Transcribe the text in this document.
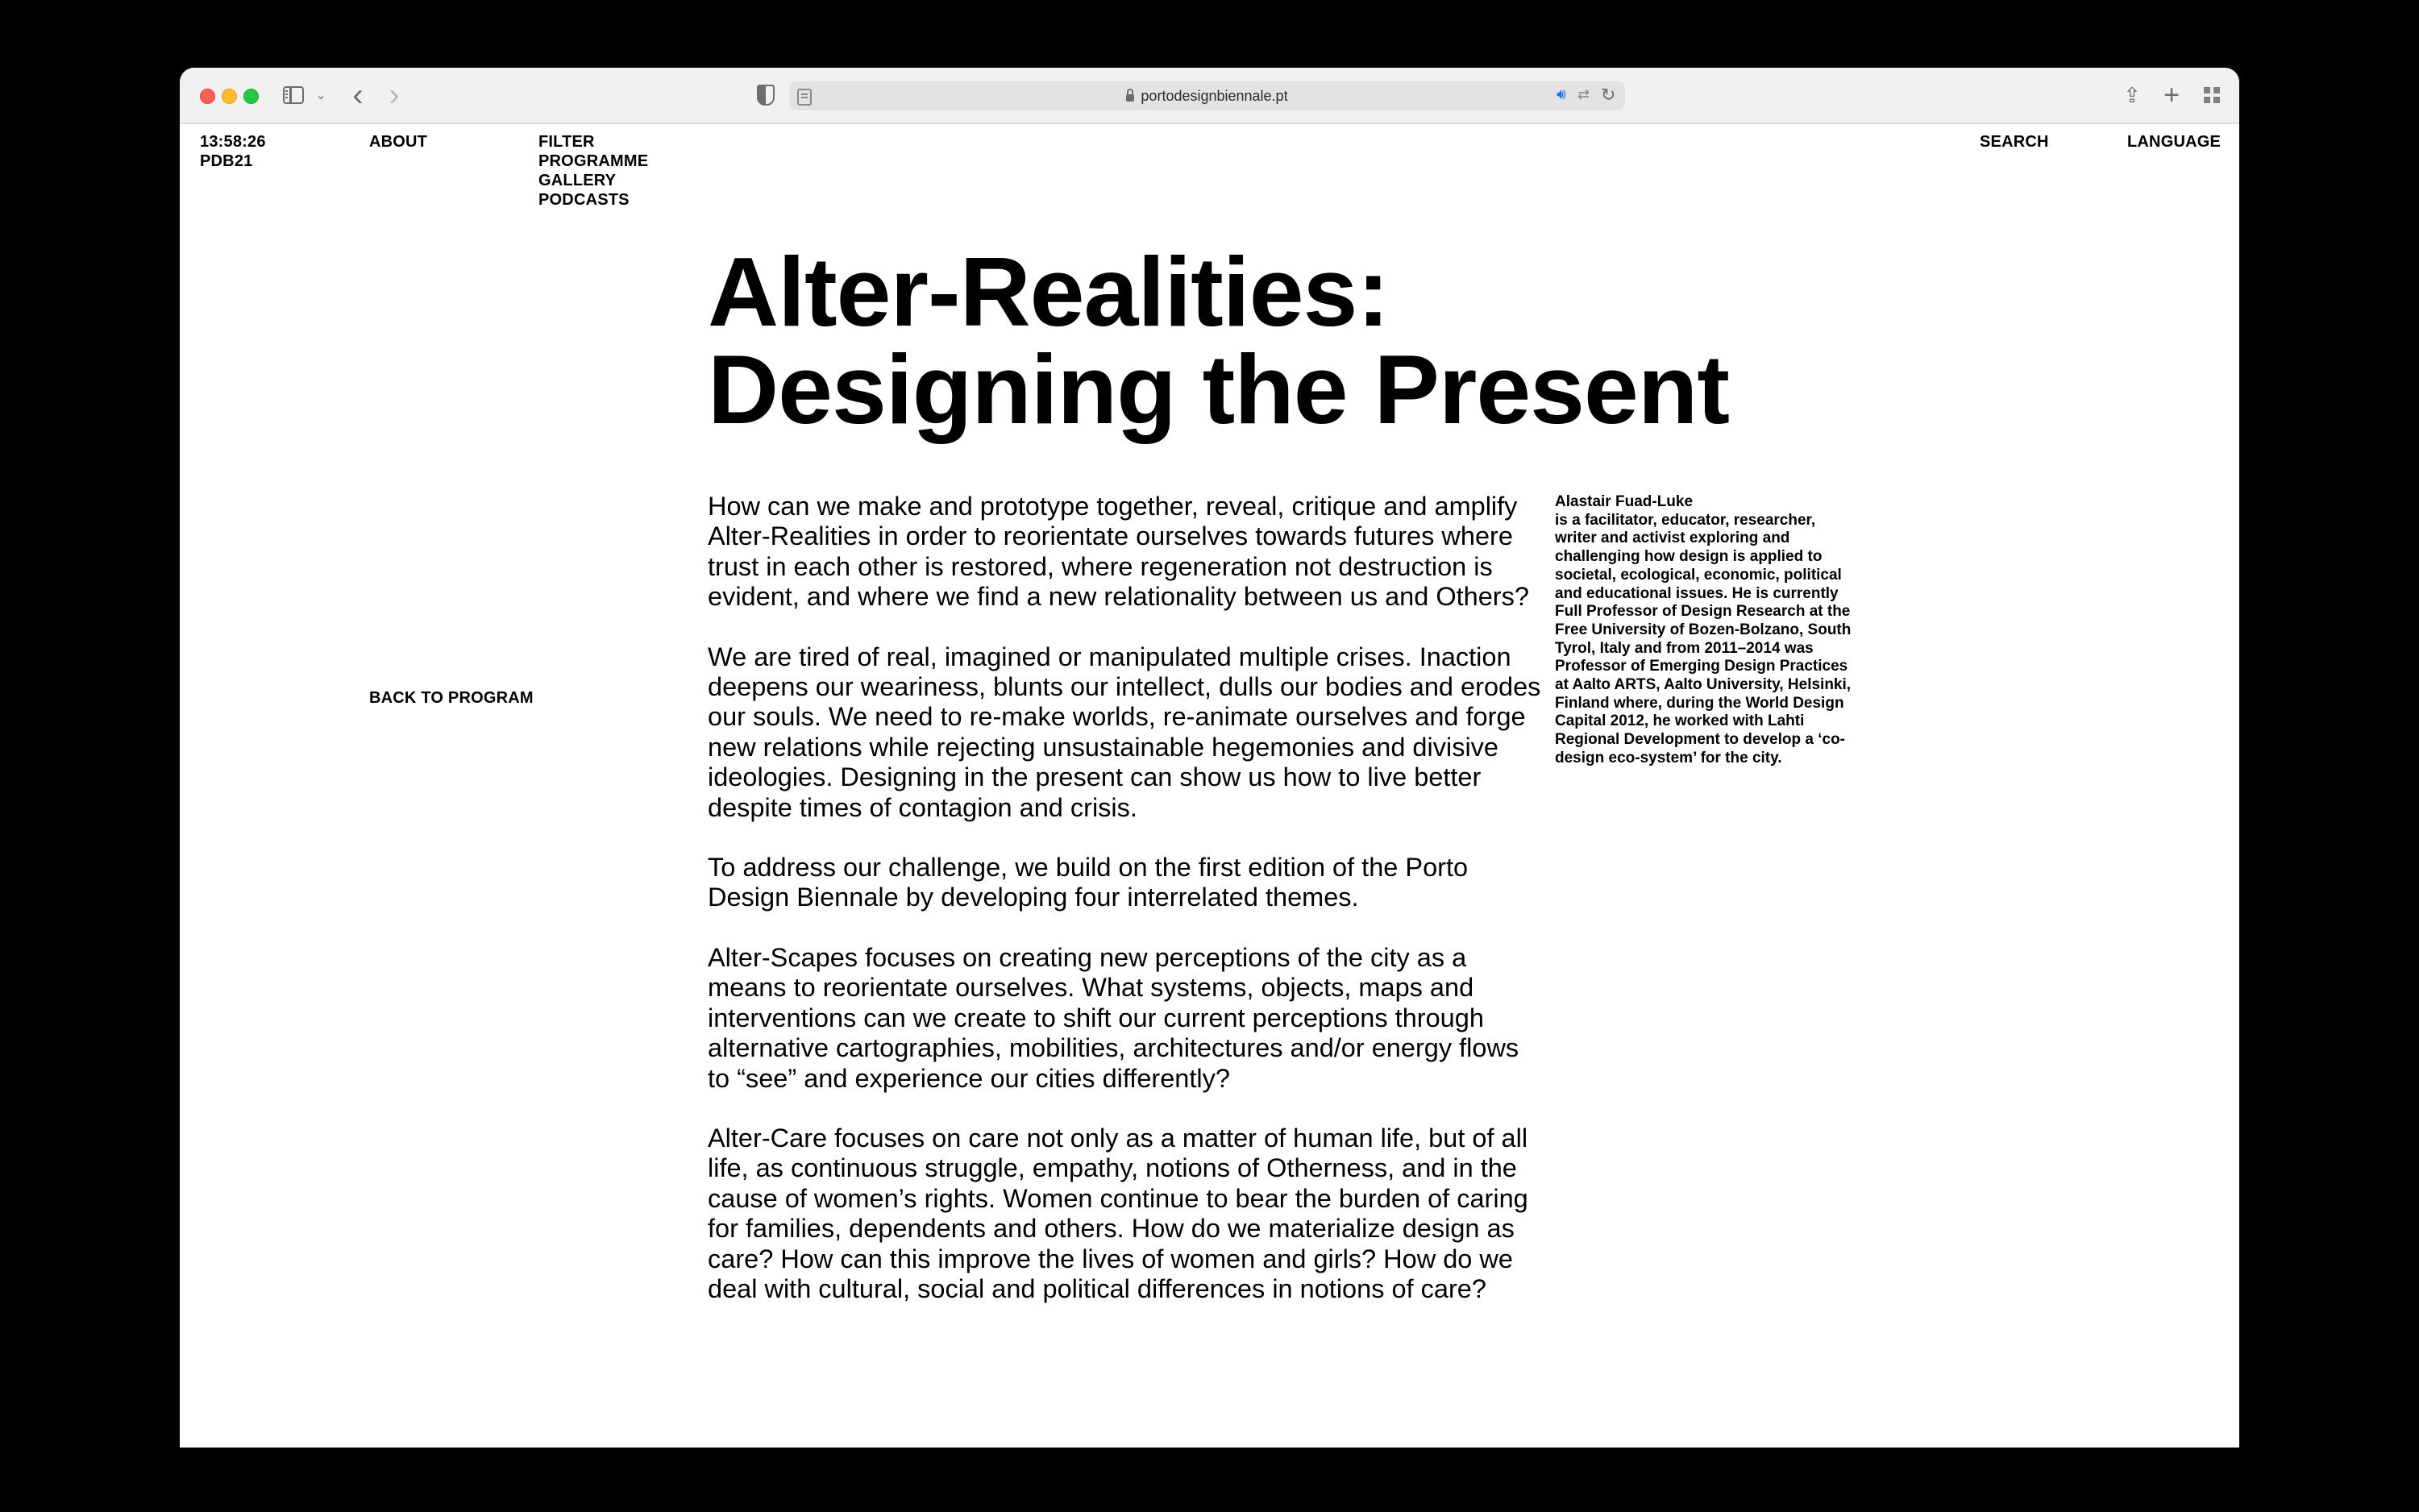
⌄ ‹ ›	portodesignbiennale.pt	🔊︎ ⇄ ↻	⇪ +
13:58:26
PDB21
ABOUT	FILTER
PROGRAMME
GALLERY
PODCASTS
SEARCH	LANGUAGE
BACK TO PROGRAM
Alter-Realities:
Designing the Present

How can we make and prototype together, reveal, critique and amplify Alter-Realities in order to reorientate ourselves towards futures where trust in each other is restored, where regeneration not destruction is evident, and where we find a new relationality between us and Others?

We are tired of real, imagined or manipulated multiple crises. Inaction deepens our weariness, blunts our intellect, dulls our bodies and erodes our souls. We need to re-make worlds, re-animate ourselves and forge new relations while rejecting unsustainable hegemonies and divisive ideologies. Designing in the present can show us how to live better despite times of contagion and crisis.

To address our challenge, we build on the first edition of the Porto Design Biennale by developing four interrelated themes.

Alter-Scapes focuses on creating new perceptions of the city as a means to reorientate ourselves. What systems, objects, maps and interventions can we create to shift our current perceptions through alternative cartographies, mobilities, architectures and/or energy flows to “see” and experience our cities differently?

Alter-Care focuses on care not only as a matter of human life, but of all life, as continuous struggle, empathy, notions of Otherness, and in the cause of women’s rights. Women continue to bear the burden of caring for families, dependents and others. How do we materialize design as care? How can this improve the lives of women and girls? How do we deal with cultural, social and political differences in notions of care?

Alastair Fuad-Luke
is a facilitator, educator, researcher, writer and activist exploring and challenging how design is applied to societal, ecological, economic, political and educational issues. He is currently Full Professor of Design Research at the Free University of Bozen-Bolzano, South Tyrol, Italy and from 2011–2014 was Professor of Emerging Design Practices at Aalto ARTS, Aalto University, Helsinki, Finland where, during the World Design Capital 2012, he worked with Lahti Regional Development to develop a ‘co-design eco-system’ for the city.
